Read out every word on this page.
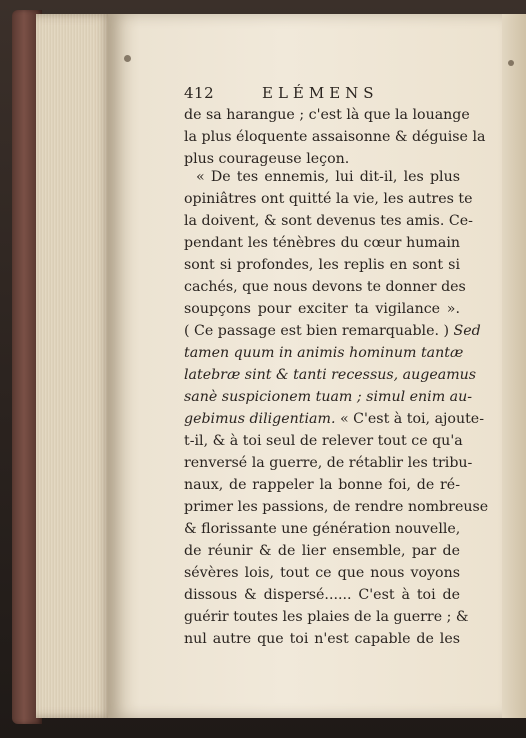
412	ELÉMENS
de sa harangue ; c'est là que la louange
la plus éloquente assaisonne & déguise la
plus courageuse leçon.
« De tes ennemis, lui dit-il, les plus
opiniâtres ont quitté la vie, les autres te
la doivent, & sont devenus tes amis. Ce-
pendant les ténèbres du cœur humain
sont si profondes, les replis en sont si
cachés, que nous devons te donner des
soupçons pour exciter ta vigilance ».
( Ce passage est bien remarquable. ) Sed
tamen quum in animis hominum tantæ
latebræ sint & tanti recessus, augeamus
sanè suspicionem tuam ; simul enim au-
gebimus diligentiam. « C'est à toi, ajoute-
t-il, & à toi seul de relever tout ce qu'a
renversé la guerre, de rétablir les tribu-
naux, de rappeler la bonne foi, de ré-
primer les passions, de rendre nombreuse
& florissante une génération nouvelle,
de réunir & de lier ensemble, par de
sévères lois, tout ce que nous voyons
dissous & dispersé...... C'est à toi de
guérir toutes les plaies de la guerre ; &
nul autre que toi n'est capable de les
